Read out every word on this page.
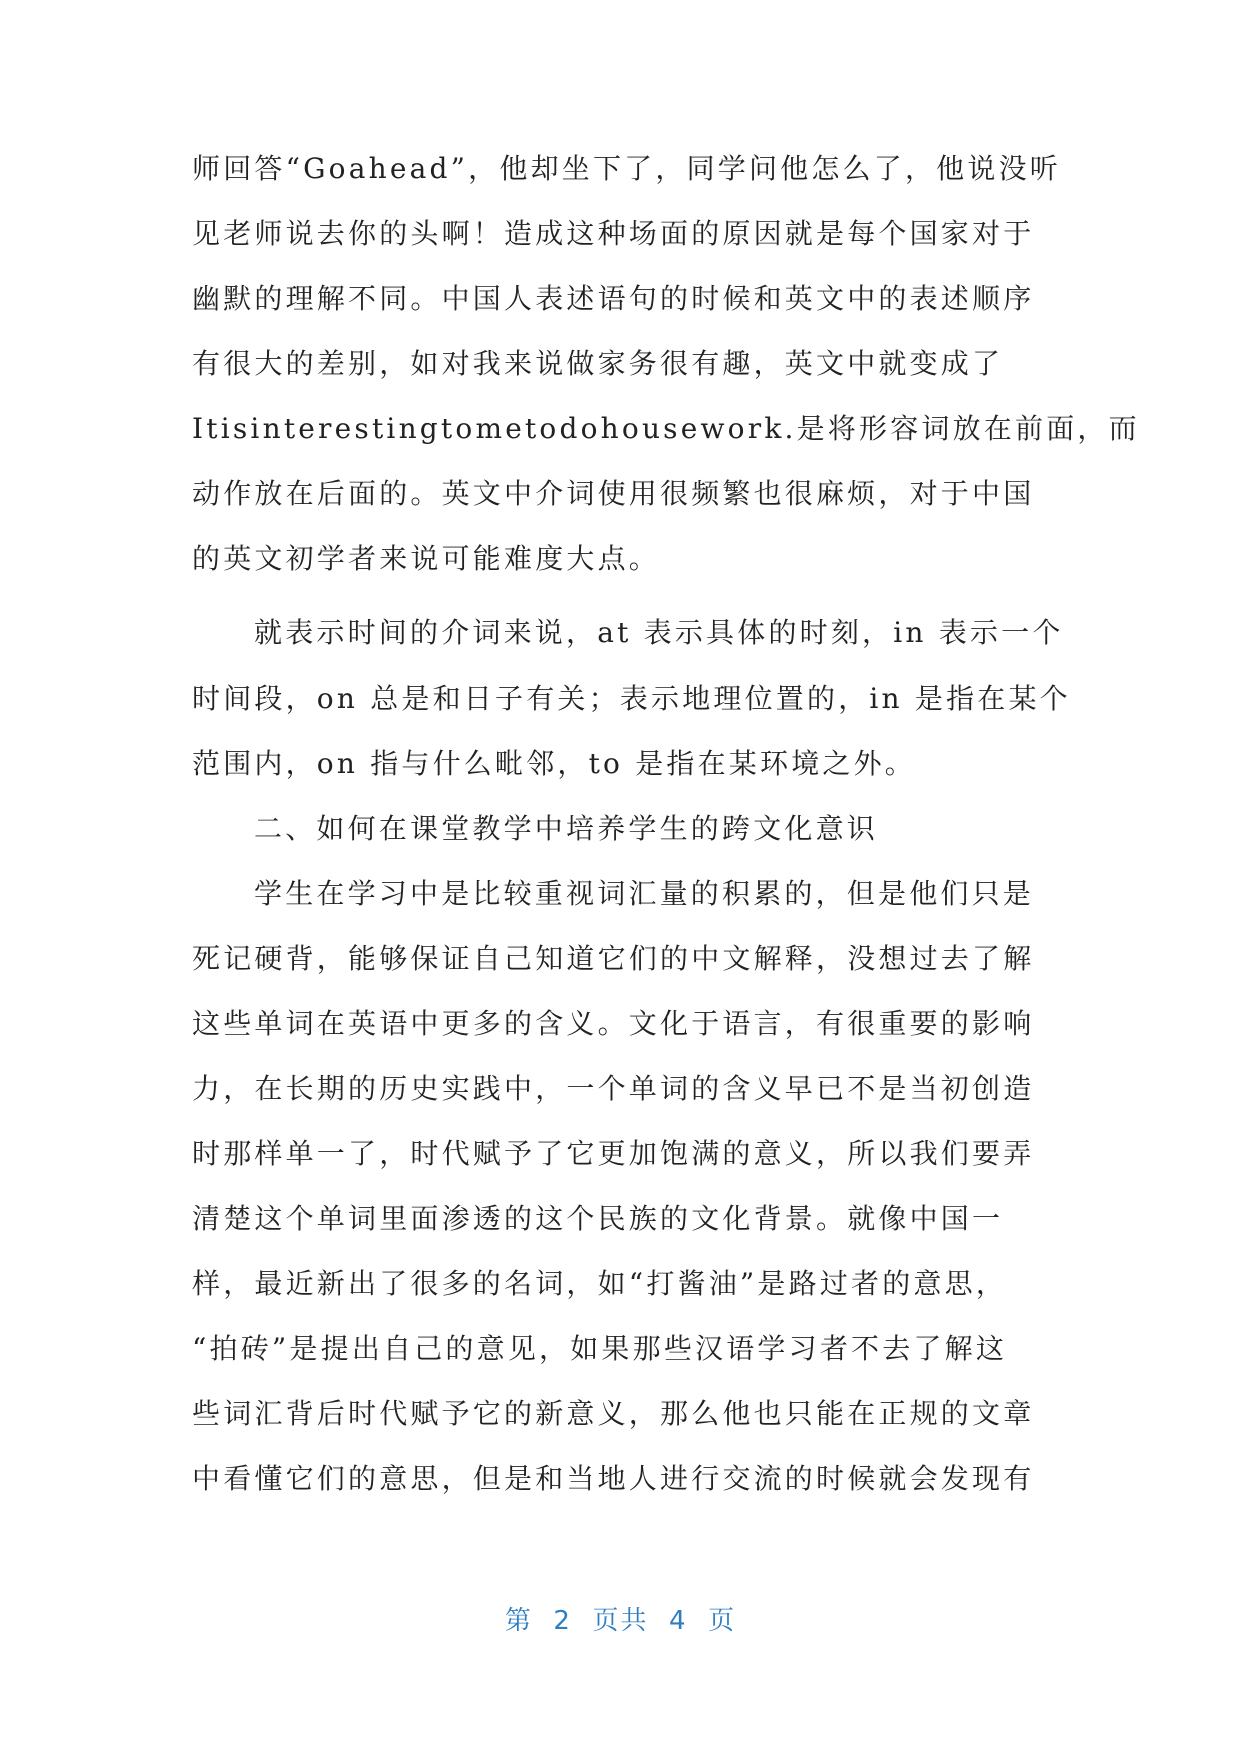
师回答“Goahead”，他却坐下了，同学问他怎么了，他说没听
见老师说去你的头啊！造成这种场面的原因就是每个国家对于
幽默的理解不同。中国人表述语句的时候和英文中的表述顺序
有很大的差别，如对我来说做家务很有趣，英文中就变成了
Itisinterestingtometodohousework.是将形容词放在前面，而
动作放在后面的。英文中介词使用很频繁也很麻烦，对于中国
的英文初学者来说可能难度大点。
就表示时间的介词来说，at 表示具体的时刻，in 表示一个
时间段，on 总是和日子有关；表示地理位置的，in 是指在某个
范围内，on 指与什么毗邻，to 是指在某环境之外。
二、如何在课堂教学中培养学生的跨文化意识
学生在学习中是比较重视词汇量的积累的，但是他们只是
死记硬背，能够保证自己知道它们的中文解释，没想过去了解
这些单词在英语中更多的含义。文化于语言，有很重要的影响
力，在长期的历史实践中，一个单词的含义早已不是当初创造
时那样单一了，时代赋予了它更加饱满的意义，所以我们要弄
清楚这个单词里面渗透的这个民族的文化背景。就像中国一
样，最近新出了很多的名词，如“打酱油”是路过者的意思，
“拍砖”是提出自己的意见，如果那些汉语学习者不去了解这
些词汇背后时代赋予它的新意义，那么他也只能在正规的文章
中看懂它们的意思，但是和当地人进行交流的时候就会发现有
第  2  页共  4  页
